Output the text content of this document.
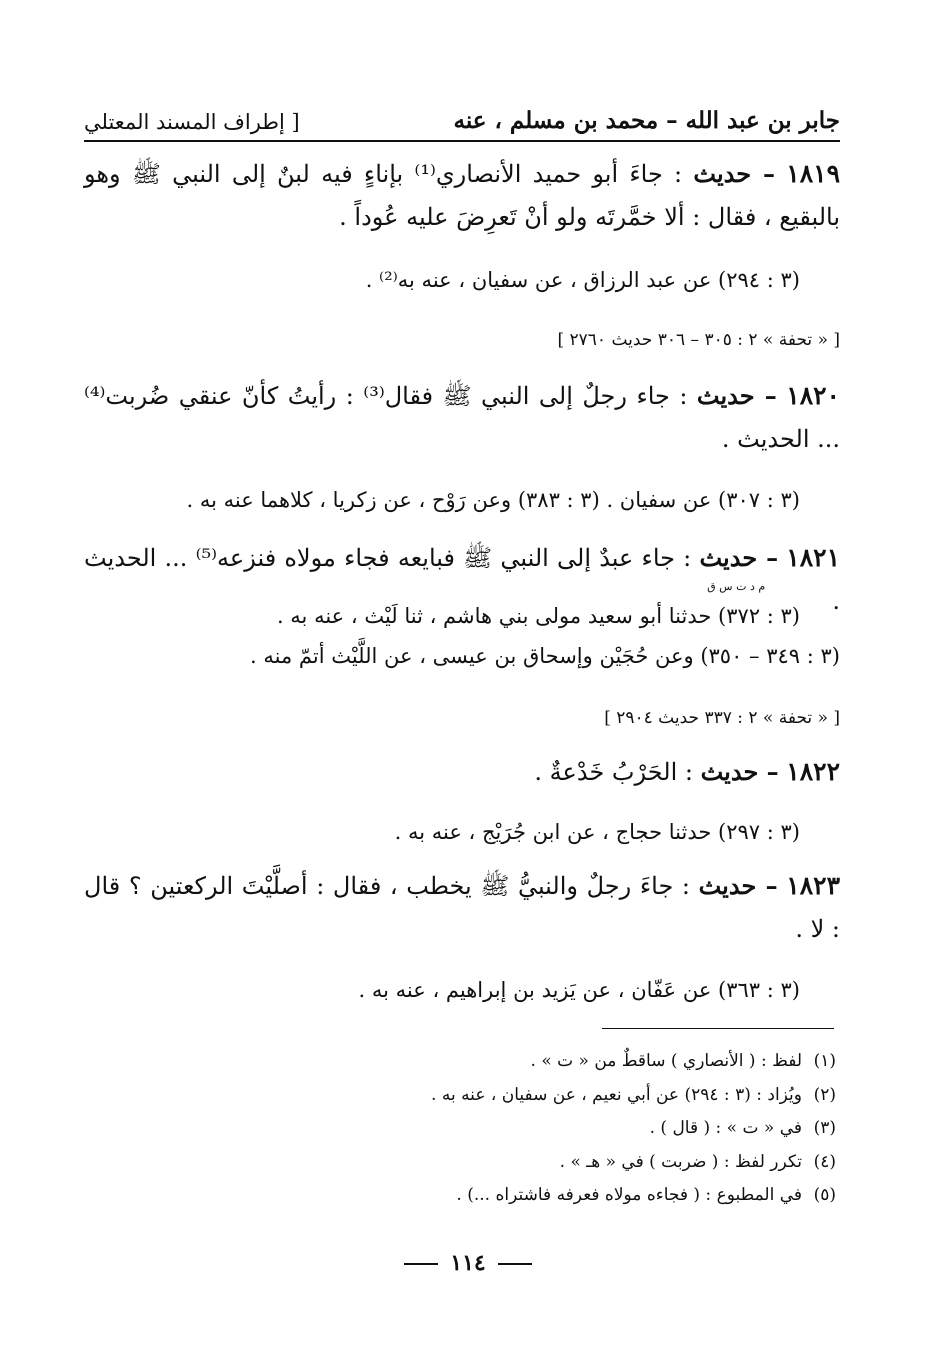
جابر بن عبد الله – محمد بن مسلم ، عنه
[ إطراف المسند المعتلي
١٨١٩ – حديث : جاءَ أبو حميد الأنصاري⁽¹⁾ بإناءٍ فيه لبنٌ إلى النبي ﷺ وهو بالبقيع ، فقال : ألا خمَّرتَه ولو أنْ تَعرِضَ عليه عُوداً .
(٣ : ٢٩٤) عن عبد الرزاق ، عن سفيان ، عنه به⁽²⁾ .
[ « تحفة » ٢ : ٣٠٥ – ٣٠٦ حديث ٢٧٦٠ ]
١٨٢٠ – حديث : جاء رجلٌ إلى النبي ﷺ فقال⁽³⁾ : رأيتُ كأنّ عنقي ضُربت⁽⁴⁾ ... الحديث .
(٣ : ٣٠٧) عن سفيان . (٣ : ٣٨٣) وعن رَوْح ، عن زكريا ، كلاهما عنه به .
١٨٢١ – حديث
م د ت س ق
: جاء عبدٌ إلى النبي ﷺ فبايعه فجاء مولاه فنزعه⁽⁵⁾ ... الحديث .
(٣ : ٣٧٢) حدثنا أبو سعيد مولى بني هاشم ، ثنا لَيْث ، عنه به .
(٣ : ٣٤٩ – ٣٥٠) وعن حُجَيْن وإسحاق بن عيسى ، عن اللَّيْث أتمّ منه .
[ « تحفة » ٢ : ٣٣٧ حديث ٢٩٠٤ ]
١٨٢٢ – حديث : الحَرْبُ خَدْعةٌ .
(٣ : ٢٩٧) حدثنا حجاج ، عن ابن جُرَيْج ، عنه به .
١٨٢٣ – حديث : جاءَ رجلٌ والنبيُّ ﷺ يخطب ، فقال : أصلَّيْتَ الركعتين ؟ قال : لا .
(٣ : ٣٦٣) عن عَفّان ، عن يَزيد بن إبراهيم ، عنه به .
(١)لفظ : ( الأنصاري ) ساقطٌ من « ت » .
(٢)ويُزاد : (٣ : ٢٩٤) عن أبي نعيم ، عن سفيان ، عنه به .
(٣)في « ت » : ( قال ) .
(٤)تكرر لفظ : ( ضربت ) في « هـ » .
(٥)في المطبوع : ( فجاءه مولاه فعرفه فاشتراه ...) .
١١٤
